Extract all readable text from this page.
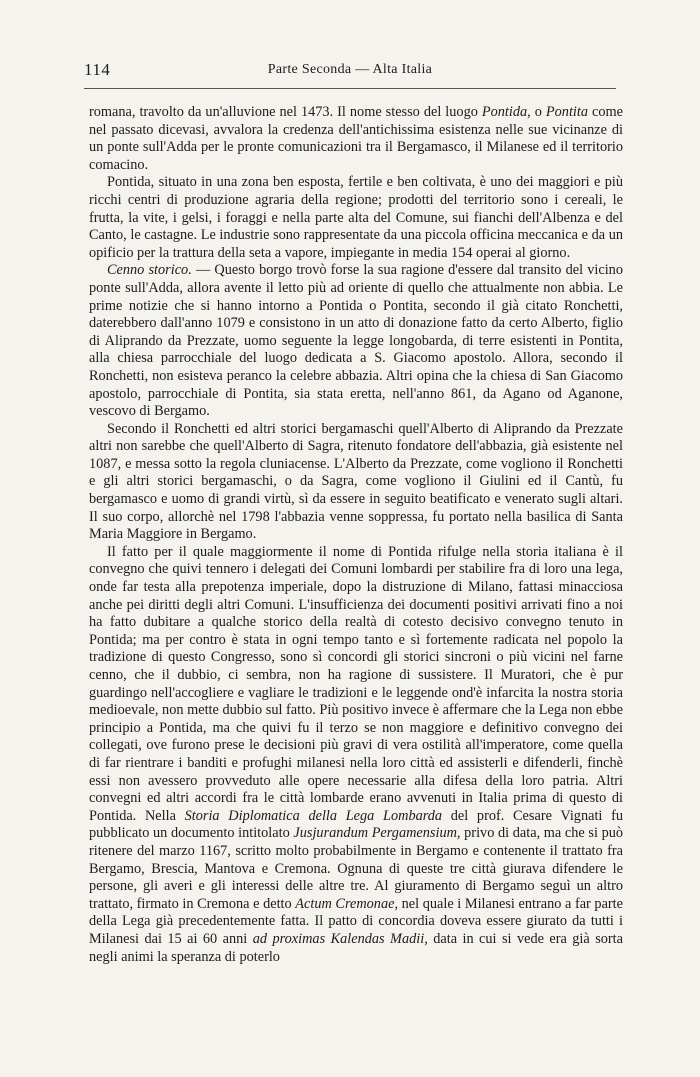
114	Parte Seconda — Alta Italia

romana, travolto da un'alluvione nel 1473. Il nome stesso del luogo Pontida, o Pontita come nel passato dicevasi, avvalora la credenza dell'antichissima esistenza nelle sue vicinanze di un ponte sull'Adda per le pronte comunicazioni tra il Bergamasco, il Milanese ed il territorio comacino.

Pontida, situato in una zona ben esposta, fertile e ben coltivata, è uno dei maggiori e più ricchi centri di produzione agraria della regione; prodotti del territorio sono i cereali, le frutta, la vite, i gelsi, i foraggi e nella parte alta del Comune, sui fianchi dell'Albenza e del Canto, le castagne. Le industrie sono rappresentate da una piccola officina meccanica e da un opificio per la trattura della seta a vapore, impiegante in media 154 operai al giorno.

Cenno storico. — Questo borgo trovò forse la sua ragione d'essere dal transito del vicino ponte sull'Adda, allora avente il letto più ad oriente di quello che attualmente non abbia. Le prime notizie che si hanno intorno a Pontida o Pontita, secondo il già citato Ronchetti, daterebbero dall'anno 1079 e consistono in un atto di donazione fatto da certo Alberto, figlio di Aliprando da Prezzate, uomo seguente la legge longobarda, di terre esistenti in Pontita, alla chiesa parrocchiale del luogo dedicata a S. Giacomo apostolo. Allora, secondo il Ronchetti, non esisteva peranco la celebre abbazia. Altri opina che la chiesa di San Giacomo apostolo, parrocchiale di Pontita, sia stata eretta, nell'anno 861, da Agano od Aganone, vescovo di Bergamo.

Secondo il Ronchetti ed altri storici bergamaschi quell'Alberto di Aliprando da Prezzate altri non sarebbe che quell'Alberto di Sagra, ritenuto fondatore dell'abbazia, già esistente nel 1087, e messa sotto la regola cluniacense. L'Alberto da Prezzate, come vogliono il Ronchetti e gli altri storici bergamaschi, o da Sagra, come vogliono il Giulini ed il Cantù, fu bergamasco e uomo di grandi virtù, sì da essere in seguito beatificato e venerato sugli altari. Il suo corpo, allorchè nel 1798 l'abbazia venne soppressa, fu portato nella basilica di Santa Maria Maggiore in Bergamo.

Il fatto per il quale maggiormente il nome di Pontida rifulge nella storia italiana è il convegno che quivi tennero i delegati dei Comuni lombardi per stabilire fra di loro una lega, onde far testa alla prepotenza imperiale, dopo la distruzione di Milano, fattasi minacciosa anche pei diritti degli altri Comuni. L'insufficienza dei documenti positivi arrivati fino a noi ha fatto dubitare a qualche storico della realtà di cotesto decisivo convegno tenuto in Pontida; ma per contro è stata in ogni tempo tanto e sì fortemente radicata nel popolo la tradizione di questo Congresso, sono sì concordi gli storici sincroni o più vicini nel farne cenno, che il dubbio, ci sembra, non ha ragione di sussistere. Il Muratori, che è pur guardingo nell'accogliere e vagliare le tradizioni e le leggende ond'è infarcita la nostra storia medioevale, non mette dubbio sul fatto. Più positivo invece è affermare che la Lega non ebbe principio a Pontida, ma che quivi fu il terzo se non maggiore e definitivo convegno dei collegati, ove furono prese le decisioni più gravi di vera ostilità all'imperatore, come quella di far rientrare i banditi e profughi milanesi nella loro città ed assisterli e difenderli, finchè essi non avessero provveduto alle opere necessarie alla difesa della loro patria. Altri convegni ed altri accordi fra le città lombarde erano avvenuti in Italia prima di questo di Pontida. Nella Storia Diplomatica della Lega Lombarda del prof. Cesare Vignati fu pubblicato un documento intitolato Jusjurandum Pergamensium, privo di data, ma che si può ritenere del marzo 1167, scritto molto probabilmente in Bergamo e contenente il trattato fra Bergamo, Brescia, Mantova e Cremona. Ognuna di queste tre città giurava difendere le persone, gli averi e gli interessi delle altre tre. Al giuramento di Bergamo seguì un altro trattato, firmato in Cremona e detto Actum Cremonae, nel quale i Milanesi entrano a far parte della Lega già precedentemente fatta. Il patto di concordia doveva essere giurato da tutti i Milanesi dai 15 ai 60 anni ad proximas Kalendas Madii, data in cui si vede era già sorta negli animi la speranza di poterlo
